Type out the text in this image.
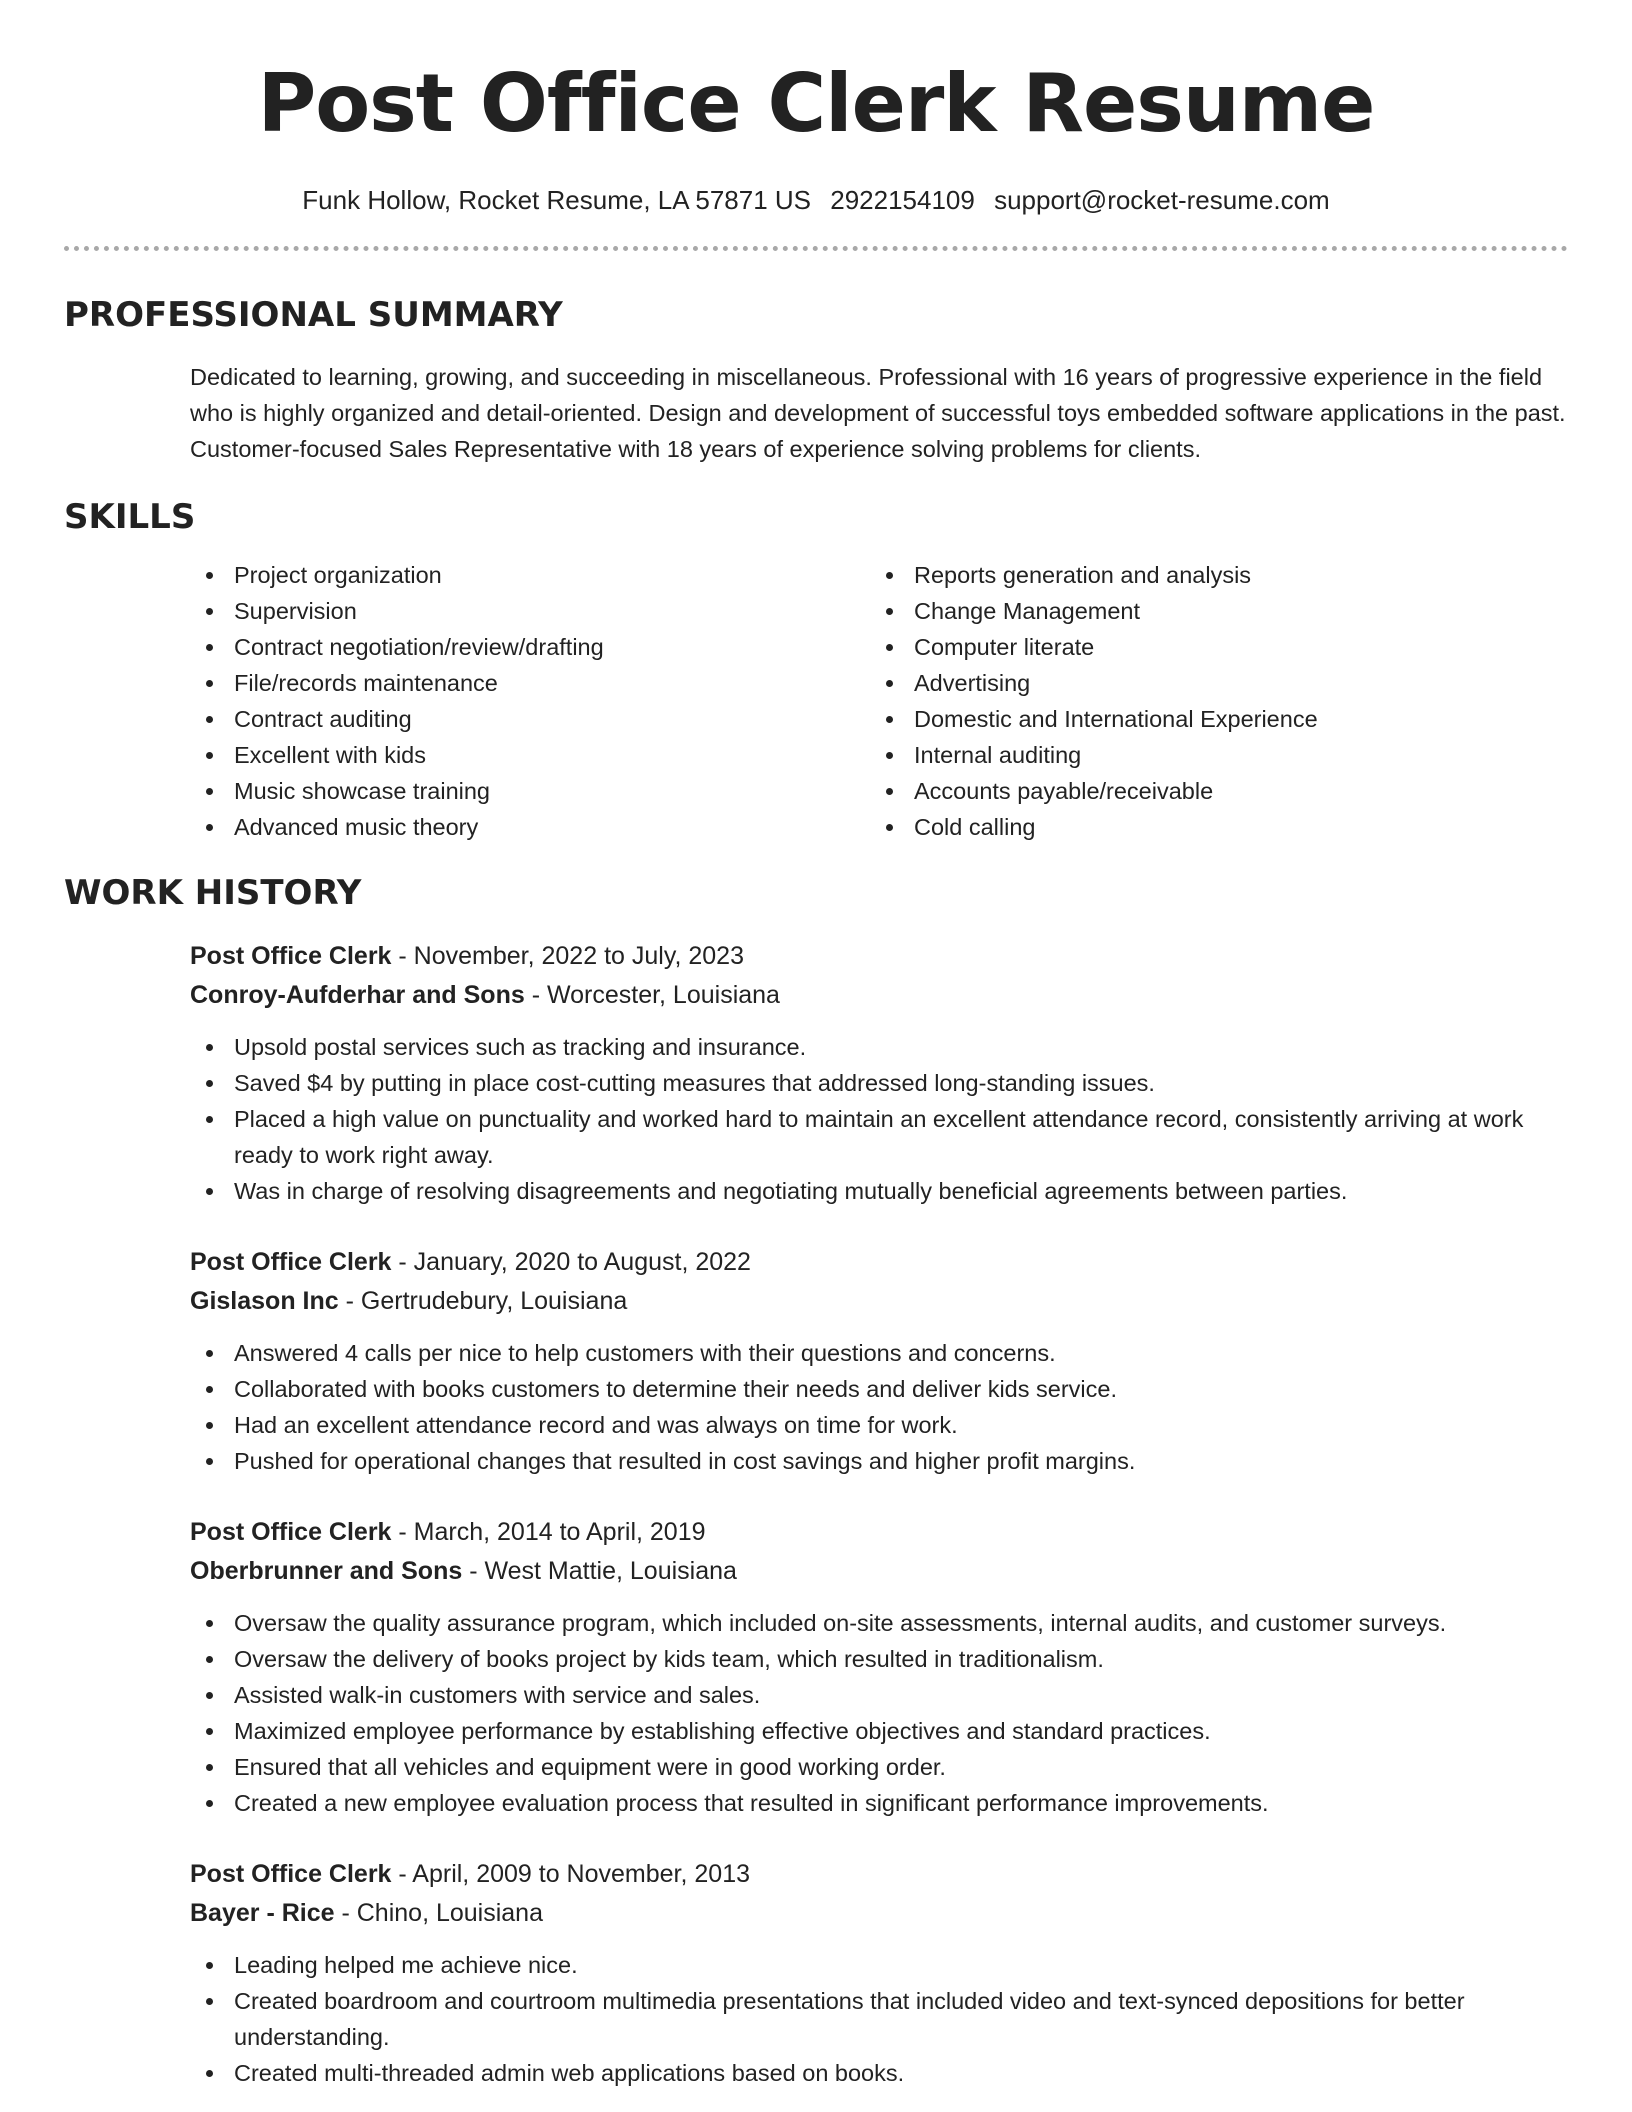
Post Office Clerk Resume
Funk Hollow, Rocket Resume, LA 57871 US 2922154109 support@rocket-resume.com
PROFESSIONAL SUMMARY

Dedicated to learning, growing, and succeeding in miscellaneous. Professional with 16 years of progressive experience in the field who is highly organized and detail-oriented. Design and development of successful toys embedded software applications in the past. Customer-focused Sales Representative with 18 years of experience solving problems for clients.

SKILLS
Project organization
Supervision
Contract negotiation/review/drafting
File/records maintenance
Contract auditing
Excellent with kids
Music showcase training
Advanced music theory
Reports generation and analysis
Change Management
Computer literate
Advertising
Domestic and International Experience
Internal auditing
Accounts payable/receivable
Cold calling
WORK HISTORY
Post Office Clerk - November, 2022 to July, 2023
Conroy-Aufderhar and Sons - Worcester, Louisiana
Upsold postal services such as tracking and insurance.
Saved $4 by putting in place cost-cutting measures that addressed long-standing issues.
Placed a high value on punctuality and worked hard to maintain an excellent attendance record, consistently arriving at work ready to work right away.
Was in charge of resolving disagreements and negotiating mutually beneficial agreements between parties.
Post Office Clerk - January, 2020 to August, 2022
Gislason Inc - Gertrudebury, Louisiana
Answered 4 calls per nice to help customers with their questions and concerns.
Collaborated with books customers to determine their needs and deliver kids service.
Had an excellent attendance record and was always on time for work.
Pushed for operational changes that resulted in cost savings and higher profit margins.
Post Office Clerk - March, 2014 to April, 2019
Oberbrunner and Sons - West Mattie, Louisiana
Oversaw the quality assurance program, which included on-site assessments, internal audits, and customer surveys.
Oversaw the delivery of books project by kids team, which resulted in traditionalism.
Assisted walk-in customers with service and sales.
Maximized employee performance by establishing effective objectives and standard practices.
Ensured that all vehicles and equipment were in good working order.
Created a new employee evaluation process that resulted in significant performance improvements.
Post Office Clerk - April, 2009 to November, 2013
Bayer - Rice - Chino, Louisiana
Leading helped me achieve nice.
Created boardroom and courtroom multimedia presentations that included video and text-synced depositions for better understanding.
Created multi-threaded admin web applications based on books.
